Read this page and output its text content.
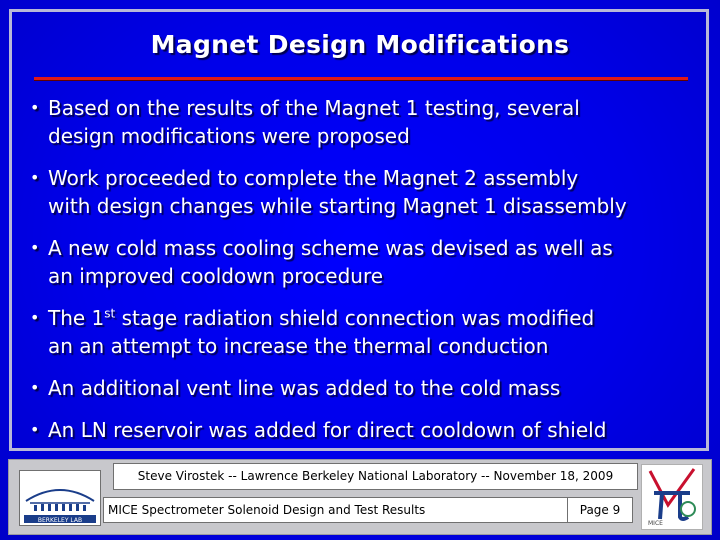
Magnet Design Modifications
• Based on the results of the Magnet 1 testing, several
design modifications were proposed
• Work proceeded to complete the Magnet 2 assembly
with design changes while starting Magnet 1 disassembly
• A new cold mass cooling scheme was devised as well as
an improved cooldown procedure
• The 1st stage radiation shield connection was modified
an an attempt to increase the thermal conduction
• An additional vent line was added to the cold mass
• An LN reservoir was added for direct cooldown of shield
BERKELEY LAB
Steve Virostek -- Lawrence Berkeley National Laboratory -- November 18, 2009
MICE Spectrometer Solenoid Design and Test Results	Page 9
MICE
